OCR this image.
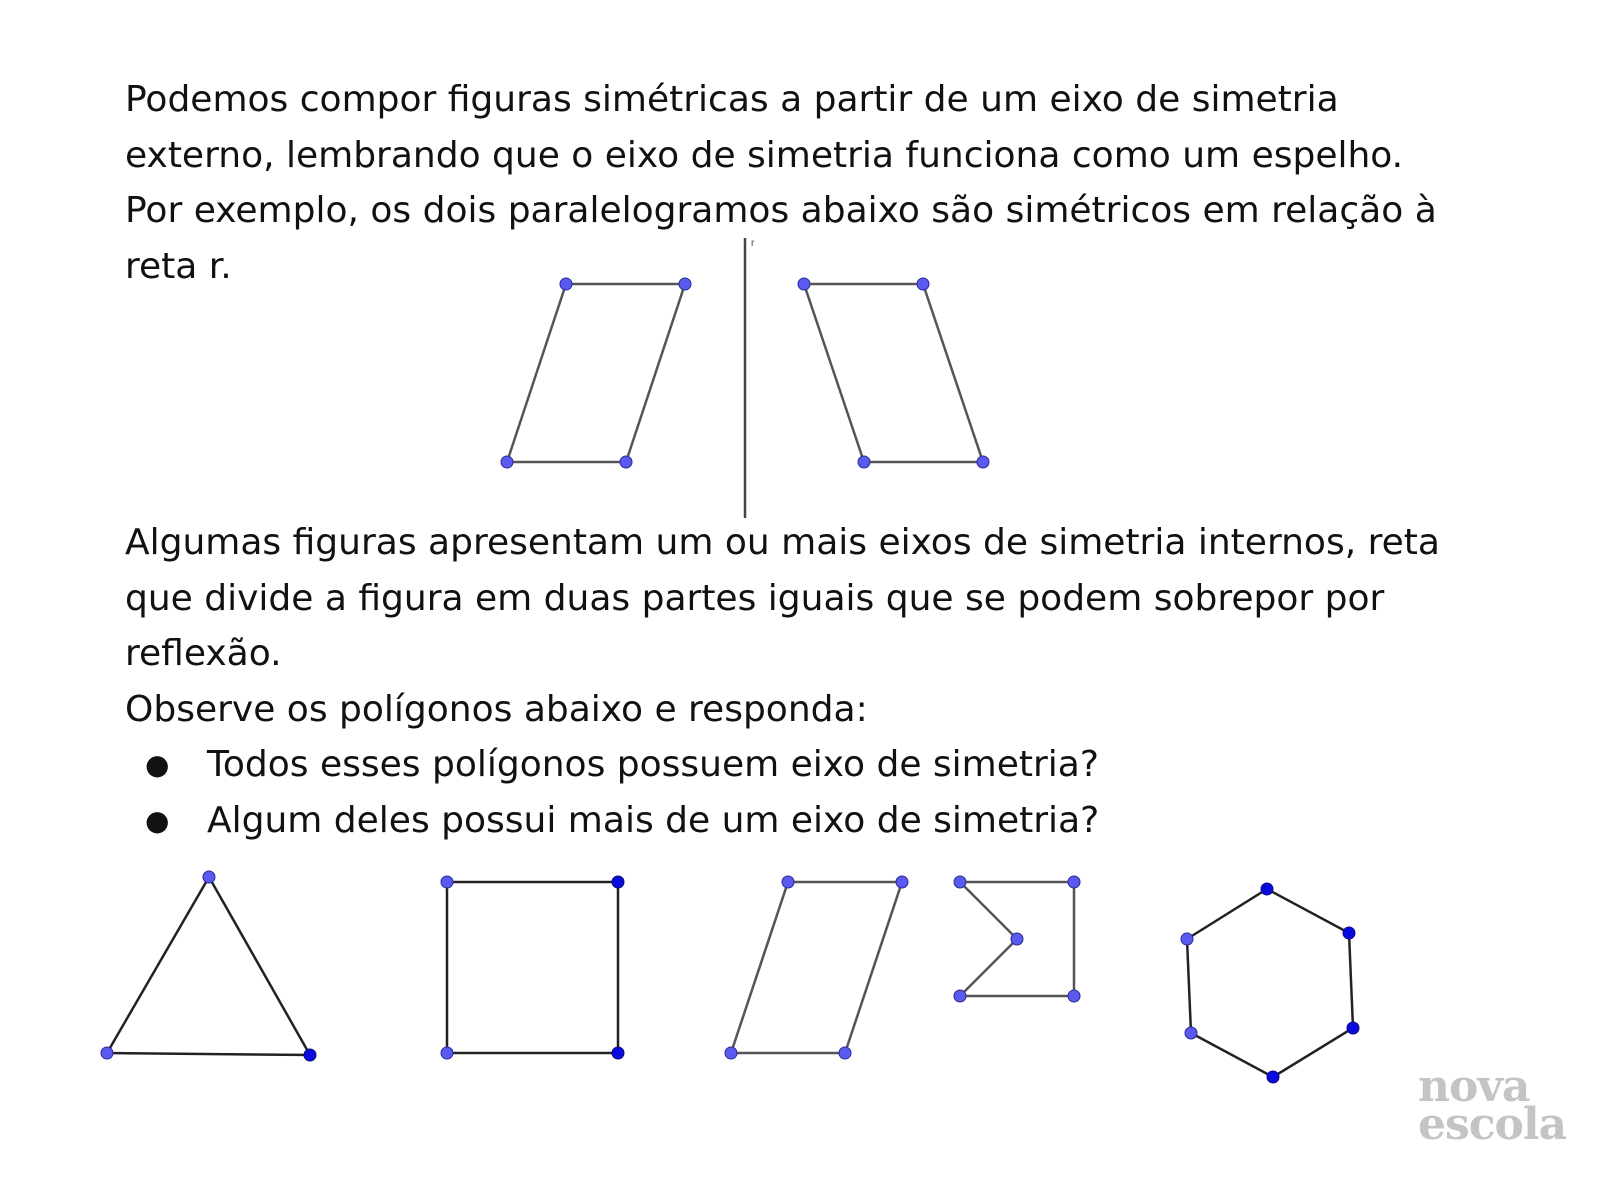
Podemos compor figuras simétricas a partir de um eixo de simetria
externo, lembrando que o eixo de simetria funciona como um espelho.
Por exemplo, os dois paralelogramos abaixo são simétricos em relação à
reta r.
r
Algumas figuras apresentam um ou mais eixos de simetria internos, reta
que divide a figura em duas partes iguais que se podem sobrepor por
reflexão.
Observe os polígonos abaixo e responda:
● Todos esses polígonos possuem eixo de simetria?
● Algum deles possui mais de um eixo de simetria?
nova
escola
